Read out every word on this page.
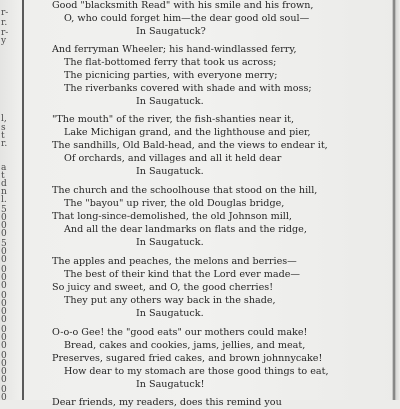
r-
r.
r-
y
l,
s
t
r.
a
t
d
n
l.
5
0
0
0
5
0
0
0
0
0
0
0
0
0
0
0
0
0
0
0
0
0
0
Good "blacksmith Read" with his smile and his frown,
O, who could forget him—the dear good old soul—
In Saugatuck?
And ferryman Wheeler; his hand-windlassed ferry,
The flat-bottomed ferry that took us across;
The picnicing parties, with everyone merry;
The riverbanks covered with shade and with moss;
In Saugatuck.
"The mouth" of the river, the fish-shanties near it,
Lake Michigan grand, and the lighthouse and pier,
The sandhills, Old Bald-head, and the views to endear it,
Of orchards, and villages and all it held dear
In Saugatuck.
The church and the schoolhouse that stood on the hill,
The "bayou" up river, the old Douglas bridge,
That long-since-demolished, the old Johnson mill,
And all the dear landmarks on flats and the ridge,
In Saugatuck.
The apples and peaches, the melons and berries—
The best of their kind that the Lord ever made—
So juicy and sweet, and O, the good cherries!
They put any others way back in the shade,
In Saugatuck.
O-o-o Gee! the "good eats" our mothers could make!
Bread, cakes and cookies, jams, jellies, and meat,
Preserves, sugared fried cakes, and brown johnnycake!
How dear to my stomach are those good things to eat,
In Saugatuck!
Dear friends, my readers, does this remind you
